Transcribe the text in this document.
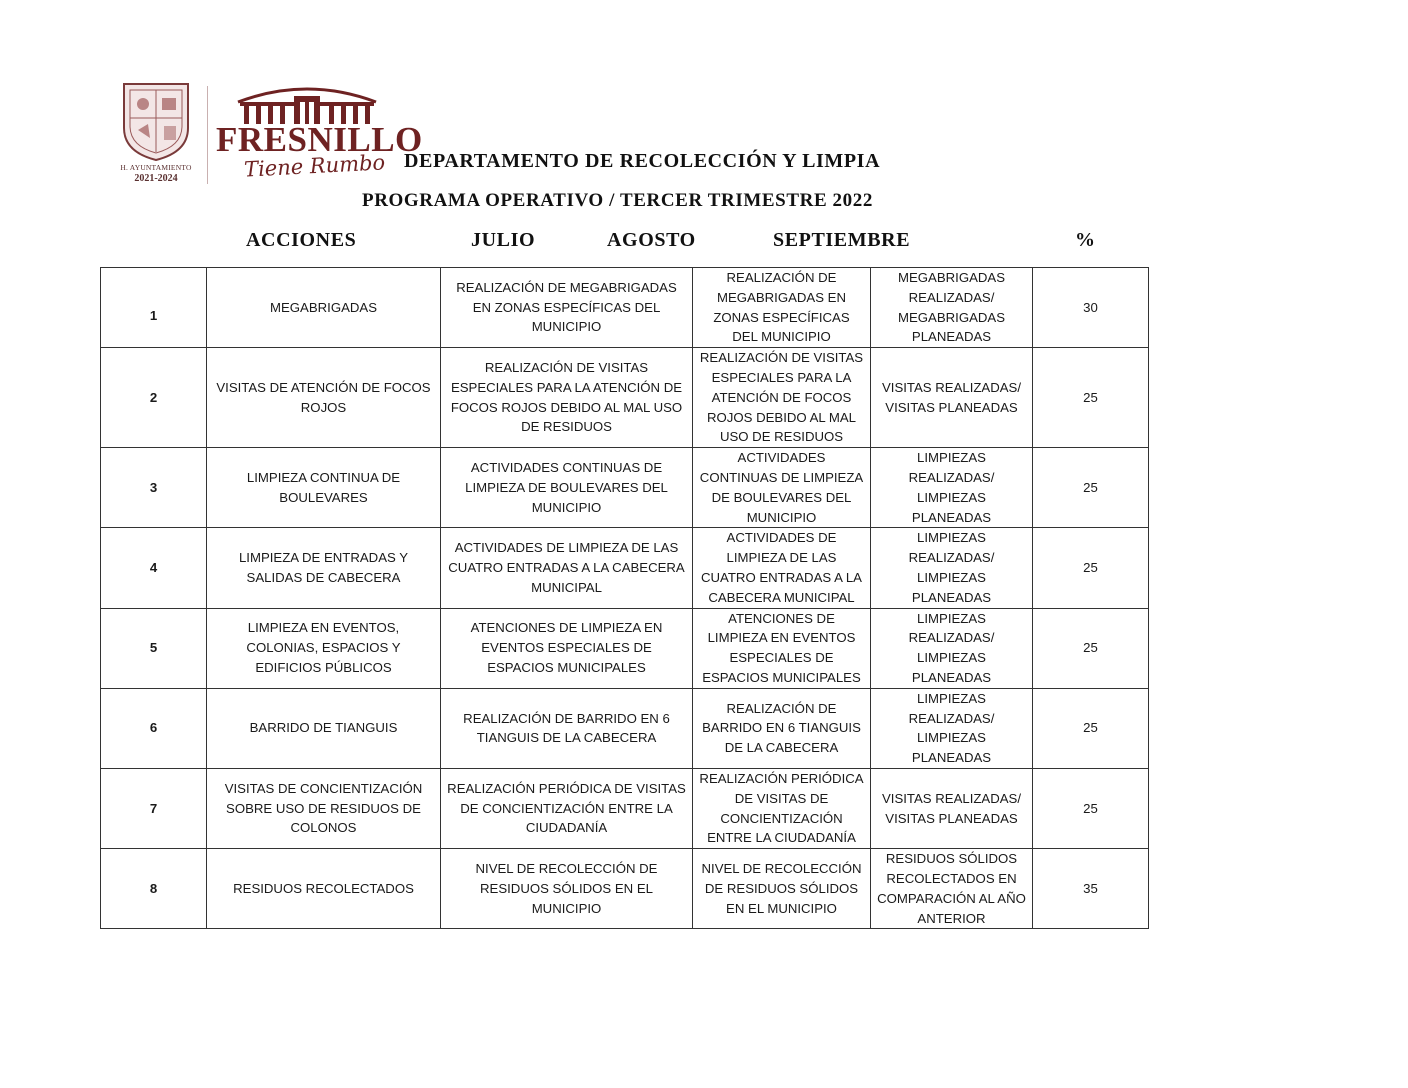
H. AYUNTAMIENTO
2021-2024
FRESNILLO
Tiene Rumbo DEPARTAMENTO DE RECOLECCIÓN Y LIMPIA
PROGRAMA OPERATIVO / TERCER TRIMESTRE 2022
ACCIONES	JULIO	AGOSTO	SEPTIEMBRE	%
1	MEGABRIGADAS	REALIZACIÓN DE MEGABRIGADAS EN ZONAS ESPECÍFICAS DEL MUNICIPIO	REALIZACIÓN DE MEGABRIGADAS EN ZONAS ESPECÍFICAS DEL MUNICIPIO	MEGABRIGADAS REALIZADAS/ MEGABRIGADAS PLANEADAS	30
2	VISITAS DE ATENCIÓN DE FOCOS ROJOS	REALIZACIÓN DE VISITAS ESPECIALES PARA LA ATENCIÓN DE FOCOS ROJOS DEBIDO AL MAL USO DE RESIDUOS	REALIZACIÓN DE VISITAS ESPECIALES PARA LA ATENCIÓN DE FOCOS ROJOS DEBIDO AL MAL USO DE RESIDUOS	VISITAS REALIZADAS/ VISITAS PLANEADAS	25
3	LIMPIEZA CONTINUA DE BOULEVARES	ACTIVIDADES CONTINUAS DE LIMPIEZA DE BOULEVARES DEL MUNICIPIO	ACTIVIDADES CONTINUAS DE LIMPIEZA DE BOULEVARES DEL MUNICIPIO	LIMPIEZAS REALIZADAS/ LIMPIEZAS PLANEADAS	25
4	LIMPIEZA DE ENTRADAS Y SALIDAS DE CABECERA	ACTIVIDADES DE LIMPIEZA DE LAS CUATRO ENTRADAS A LA CABECERA MUNICIPAL	ACTIVIDADES DE LIMPIEZA DE LAS CUATRO ENTRADAS A LA CABECERA MUNICIPAL	LIMPIEZAS REALIZADAS/ LIMPIEZAS PLANEADAS	25
5	LIMPIEZA EN EVENTOS, COLONIAS, ESPACIOS Y EDIFICIOS PÚBLICOS	ATENCIONES DE LIMPIEZA EN EVENTOS ESPECIALES DE ESPACIOS MUNICIPALES	ATENCIONES DE LIMPIEZA EN EVENTOS ESPECIALES DE ESPACIOS MUNICIPALES	LIMPIEZAS REALIZADAS/ LIMPIEZAS PLANEADAS	25
6	BARRIDO DE TIANGUIS	REALIZACIÓN DE BARRIDO EN 6 TIANGUIS DE LA CABECERA	REALIZACIÓN DE BARRIDO EN 6 TIANGUIS DE LA CABECERA	LIMPIEZAS REALIZADAS/ LIMPIEZAS PLANEADAS	25
7	VISITAS DE CONCIENTIZACIÓN SOBRE USO DE RESIDUOS DE COLONOS	REALIZACIÓN PERIÓDICA DE VISITAS DE CONCIENTIZACIÓN ENTRE LA CIUDADANÍA	REALIZACIÓN PERIÓDICA DE VISITAS DE CONCIENTIZACIÓN ENTRE LA CIUDADANÍA	VISITAS REALIZADAS/ VISITAS PLANEADAS	25
8	RESIDUOS RECOLECTADOS	NIVEL DE RECOLECCIÓN DE RESIDUOS SÓLIDOS EN EL MUNICIPIO	NIVEL DE RECOLECCIÓN DE RESIDUOS SÓLIDOS EN EL MUNICIPIO	RESIDUOS SÓLIDOS RECOLECTADOS EN COMPARACIÓN AL AÑO ANTERIOR	35
